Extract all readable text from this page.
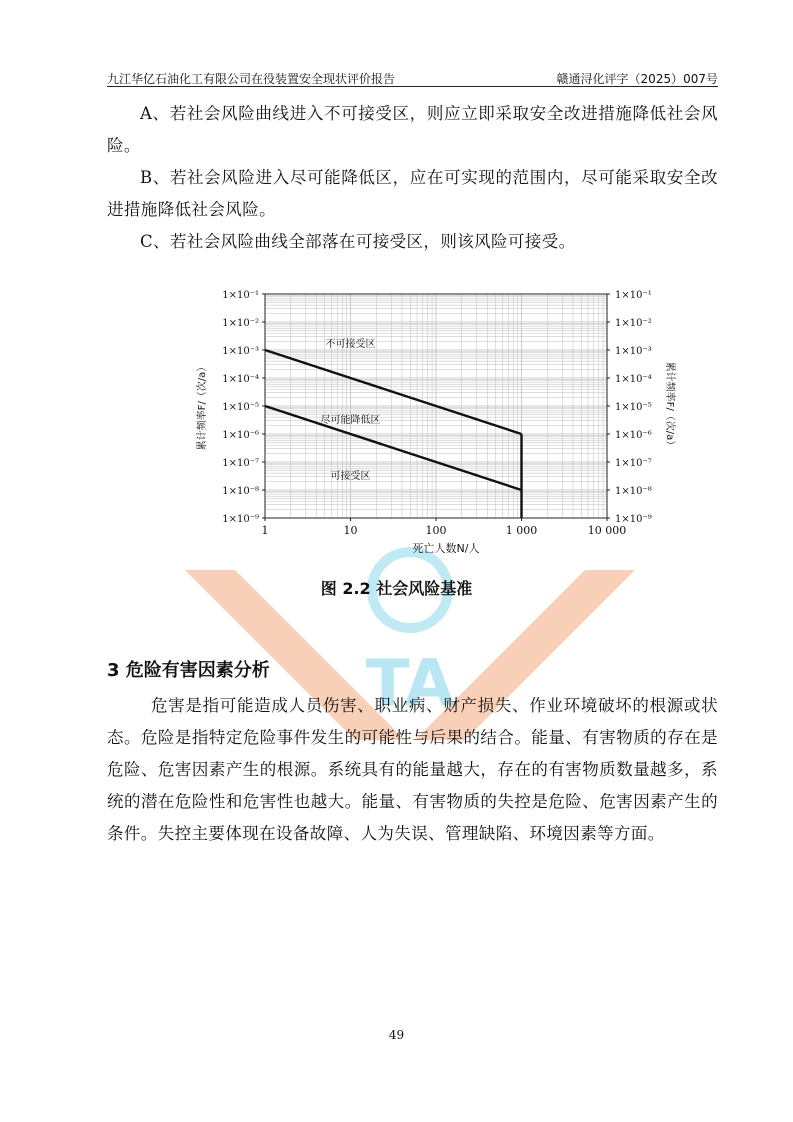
九江华亿石油化工有限公司在役装置安全现状评价报告	赣通浔化评字（2025）007号

A、若社会风险曲线进入不可接受区，则应立即采取安全改进措施降低社会风险。

B、若社会风险进入尽可能降低区，应在可实现的范围内，尽可能采取安全改进措施降低社会风险。

C、若社会风险曲线全部落在可接受区，则该风险可接受。

TA
1×10⁻¹	1×10⁻¹
1×10⁻²	1×10⁻²
1×10⁻³	1×10⁻³
1×10⁻⁴	1×10⁻⁴
1×10⁻⁵	1×10⁻⁵
1×10⁻⁶	1×10⁻⁶
1×10⁻⁷	1×10⁻⁷
1×10⁻⁸	1×10⁻⁸
1×10⁻⁹	1×10⁻⁹
1	10	100	1 000	10 000
死亡人数N/人
累计频率F/（次/a）	累计频率F/（次/a）
不可接受区
尽可能降低区
可接受区
图 2.2 社会风险基准
3 危险有害因素分析

危害是指可能造成人员伤害、职业病、财产损失、作业环境破坏的根源或状态。危险是指特定危险事件发生的可能性与后果的结合。能量、有害物质的存在是危险、危害因素产生的根源。系统具有的能量越大，存在的有害物质数量越多，系统的潜在危险性和危害性也越大。能量、有害物质的失控是危险、危害因素产生的条件。失控主要体现在设备故障、人为失误、管理缺陷、环境因素等方面。

49
